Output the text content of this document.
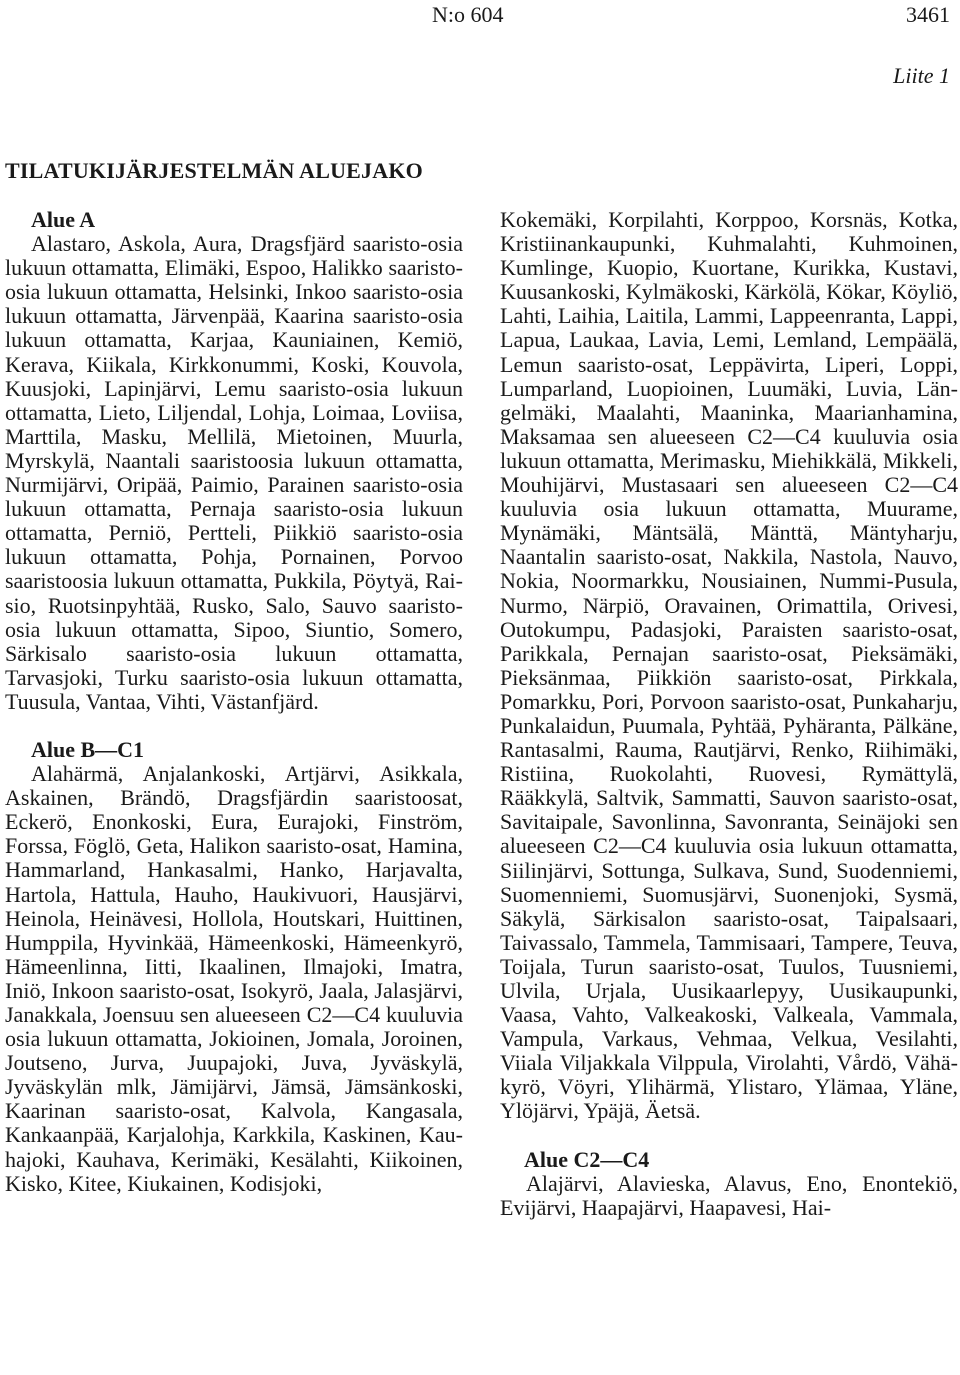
N:o 604	3461
Liite 1
TILATUKIJÄRJESTELMÄN ALUEJAKO
Alue A

Alastaro, Askola, Aura, Dragsfjärd saaristo-osia lukuun ottamatta, Elimäki, Espoo, Halikko saaristo-osia lukuun ottamatta, Helsinki, Inkoo saaristo-osia lukuun ottamatta, Järvenpää, Kaarina saaristo-osia lukuun ottamatta, Karjaa, Kauniainen, Kemiö, Kerava, Kiikala, Kirkkonummi, Koski, Kouvola, Kuusjoki, Lapinjärvi, Lemu saaristo-osia lukuun ottamatta, Lieto, Liljendal, Lohja, Loimaa, Loviisa, Marttila, Masku, Mellilä, Mietoinen, Muurla, Myrskylä, Naantali saaristoosia lukuun ottamatta, Nurmijärvi, Oripää, Paimio, Parainen saaristo-osia lukuun ottamatta, Pernaja saaristo-osia lukuun ottamatta, Perniö, Pertteli, Piikkiö saaristo-osia lukuun ottamatta, Pohja, Pornainen, Porvoo saaristoosia lukuun ottamatta, Pukkila, Pöytyä, Raisio, Ruotsinpyhtää, Rusko, Salo, Sauvo saaristo-osia lukuun ottamatta, Sipoo, Siuntio, Somero, Särkisalo saaristo-osia lukuun ottamatta, Tarvasjoki, Turku saaristo-osia lukuun ottamatta, Tuusula, Vantaa, Vihti, Västanfjärd.

Alue B—C1

Alahärmä, Anjalankoski, Artjärvi, Asikkala, Askainen, Brändö, Dragsfjärdin saaristoosat, Eckerö, Enonkoski, Eura, Eurajoki, Finström, Forssa, Föglö, Geta, Halikon saaristo-osat, Hamina, Hammarland, Hankasalmi, Hanko, Harjavalta, Hartola, Hattula, Hauho, Haukivuori, Hausjärvi, Heinola, Heinävesi, Hollola, Houtskari, Huittinen, Humppila, Hyvinkää, Hämeenkoski, Hämeenkyrö, Hämeenlinna, Iitti, Ikaalinen, Ilmajoki, Imatra, Iniö, Inkoon saaristo-osat, Isokyrö, Jaala, Jalasjärvi, Janakkala, Joensuu sen alueeseen C2—C4 kuuluvia osia lukuun ottamatta, Jokioinen, Jomala, Joroinen, Joutseno, Jurva, Juupajoki, Juva, Jyväskylä, Jyväskylän mlk, Jämijärvi, Jämsä, Jämsänkoski, Kaarinan saaristo-osat, Kalvola, Kangasala, Kankaanpää, Karjalohja, Karkkila, Kaskinen, Kauhajoki, Kauhava, Kerimäki, Kesälahti, Kiikoinen, Kisko, Kitee, Kiukainen, Kodisjoki,

Kokemäki, Korpilahti, Korppoo, Korsnäs, Kotka, Kristiinankaupunki, Kuhmalahti, Kuhmoinen, Kumlinge, Kuopio, Kuortane, Kurikka, Kustavi, Kuusankoski, Kylmäkoski, Kärkölä, Kökar, Köyliö, Lahti, Laihia, Laitila, Lammi, Lappeenranta, Lappi, Lapua, Laukaa, Lavia, Lemi, Lemland, Lempäälä, Lemun saaristo-osat, Leppävirta, Liperi, Loppi, Lumparland, Luopioinen, Luumäki, Luvia, Längelmäki, Maalahti, Maaninka, Maarianhamina, Maksamaa sen alueeseen C2—C4 kuuluvia osia lukuun ottamatta, Merimasku, Miehikkälä, Mikkeli, Mouhijärvi, Mustasaari sen alueeseen C2—C4 kuuluvia osia lukuun ottamatta, Muurame, Mynämäki, Mäntsälä, Mänttä, Mäntyharju, Naantalin saaristo-osat, Nakkila, Nastola, Nauvo, Nokia, Noormarkku, Nousiainen, Nummi-Pusula, Nurmo, Närpiö, Oravainen, Orimattila, Orivesi, Outokumpu, Padasjoki, Paraisten saaristo-osat, Parikkala, Pernajan saaristo-osat, Pieksämäki, Pieksänmaa, Piikkiön saaristo-osat, Pirkkala, Pomarkku, Pori, Porvoon saaristo-osat, Punkaharju, Punkalaidun, Puumala, Pyhtää, Pyhäranta, Pälkäne, Rantasalmi, Rauma, Rautjärvi, Renko, Riihimäki, Ristiina, Ruokolahti, Ruovesi, Rymättylä, Rääkkylä, Saltvik, Sammatti, Sauvon saaristo-osat, Savitaipale, Savonlinna, Savonranta, Seinäjoki sen alueeseen C2—C4 kuuluvia osia lukuun ottamatta, Siilinjärvi, Sottunga, Sulkava, Sund, Suodenniemi, Suomenniemi, Suomusjärvi, Suonenjoki, Sysmä, Säkylä, Särkisalon saaristo-osat, Taipalsaari, Taivassalo, Tammela, Tammisaari, Tampere, Teuva, Toijala, Turun saaristo-osat, Tuulos, Tuusniemi, Ulvila, Urjala, Uusikaarlepyy, Uusikaupunki, Vaasa, Vahto, Valkeakoski, Valkeala, Vammala, Vampula, Varkaus, Vehmaa, Velkua, Vesilahti, Viiala Viljakkala Vilppula, Virolahti, Vårdö, Vähäkyrö, Vöyri, Ylihärmä, Ylistaro, Ylämaa, Yläne, Ylöjärvi, Ypäjä, Äetsä.

Alue C2—C4

Alajärvi, Alavieska, Alavus, Eno, Enontekiö, Evijärvi, Haapajärvi, Haapavesi, Hai-
